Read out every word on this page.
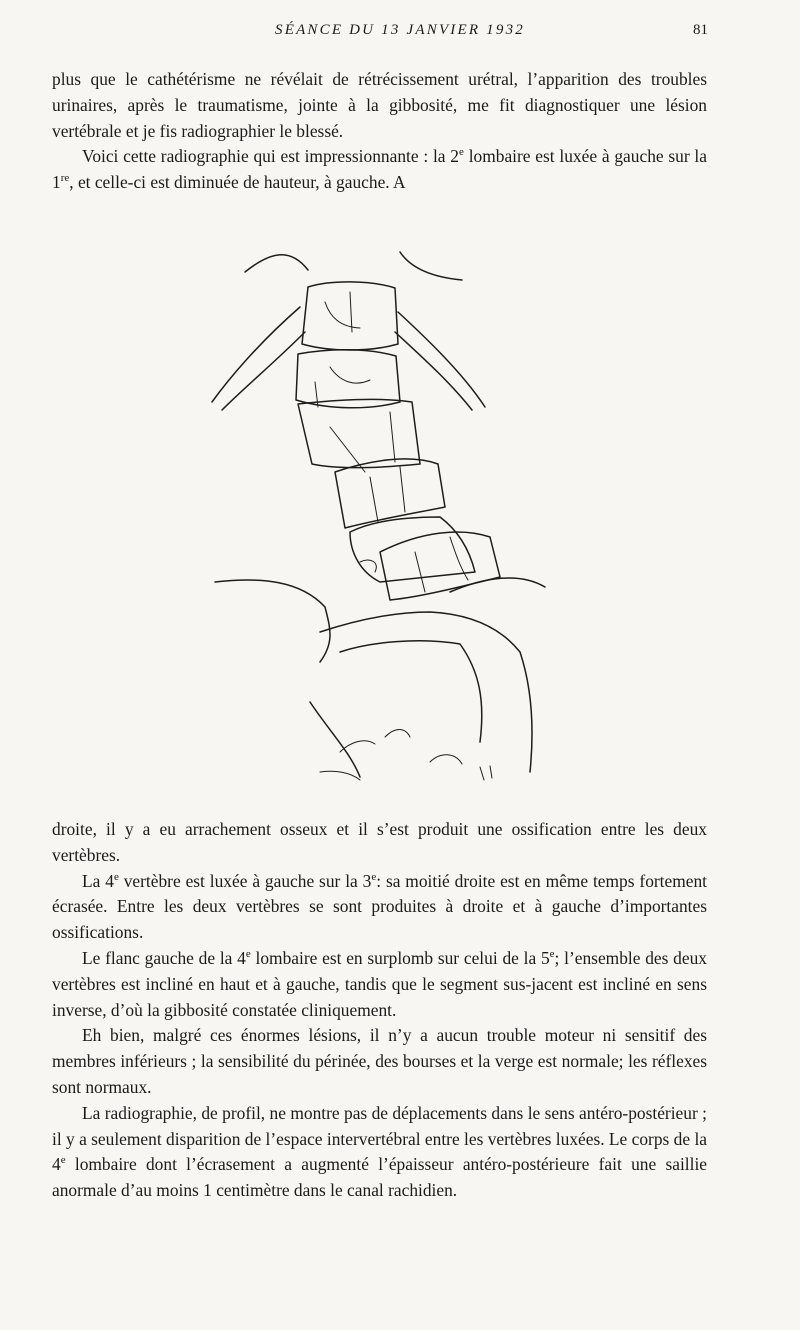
SÉANCE DU 13 JANVIER 1932	81

plus que le cathétérisme ne révélait de rétrécissement urétral, l’apparition des troubles urinaires, après le traumatisme, jointe à la gibbosité, me fit diagnostiquer une lésion vertébrale et je fis radiographier le blessé.

Voici cette radiographie qui est impressionnante : la 2e lombaire est luxée à gauche sur la 1re, et celle-ci est diminuée de hauteur, à gauche. A

droite, il y a eu arrachement osseux et il s’est produit une ossification entre les deux vertèbres.

La 4e vertèbre est luxée à gauche sur la 3e: sa moitié droite est en même temps fortement écrasée. Entre les deux vertèbres se sont produites à droite et à gauche d’importantes ossifications.

Le flanc gauche de la 4e lombaire est en surplomb sur celui de la 5e; l’ensemble des deux vertèbres est incliné en haut et à gauche, tandis que le segment sus-jacent est incliné en sens inverse, d’où la gibbosité constatée cliniquement.

Eh bien, malgré ces énormes lésions, il n’y a aucun trouble moteur ni sensitif des membres inférieurs ; la sensibilité du périnée, des bourses et la verge est normale; les réflexes sont normaux.

La radiographie, de profil, ne montre pas de déplacements dans le sens antéro-postérieur ; il y a seulement disparition de l’espace intervertébral entre les vertèbres luxées. Le corps de la 4e lombaire dont l’écrasement a augmenté l’épaisseur antéro-postérieure fait une saillie anormale d’au moins 1 centimètre dans le canal rachidien.
